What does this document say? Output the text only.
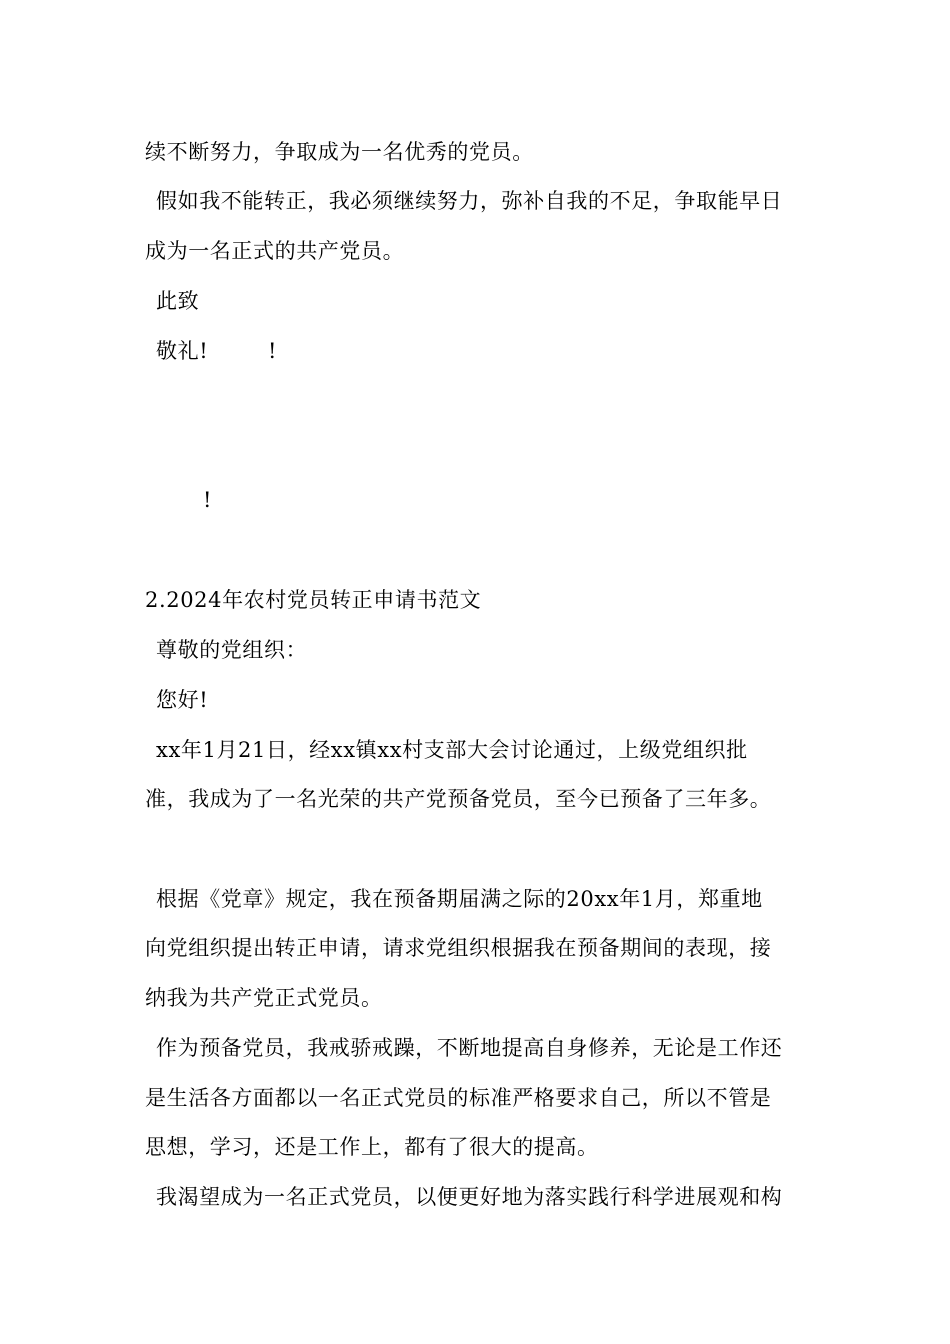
续不断努力，争取成为一名优秀的党员。
假如我不能转正，我必须继续努力，弥补自我的不足，争取能早日
成为一名正式的共产党员。
此致
敬礼!	!
!
2.2024年农村党员转正申请书范文
尊敬的党组织：
您好!
xx年1月21日，经xx镇xx村支部大会讨论通过，上级党组织批
准，我成为了一名光荣的共产党预备党员，至今已预备了三年多。
根据《党章》规定，我在预备期届满之际的20xx年1月，郑重地
向党组织提出转正申请，请求党组织根据我在预备期间的表现，接
纳我为共产党正式党员。
作为预备党员，我戒骄戒躁，不断地提高自身修养，无论是工作还
是生活各方面都以一名正式党员的标准严格要求自己，所以不管是
思想，学习，还是工作上，都有了很大的提高。
我渴望成为一名正式党员，以便更好地为落实践行科学进展观和构
